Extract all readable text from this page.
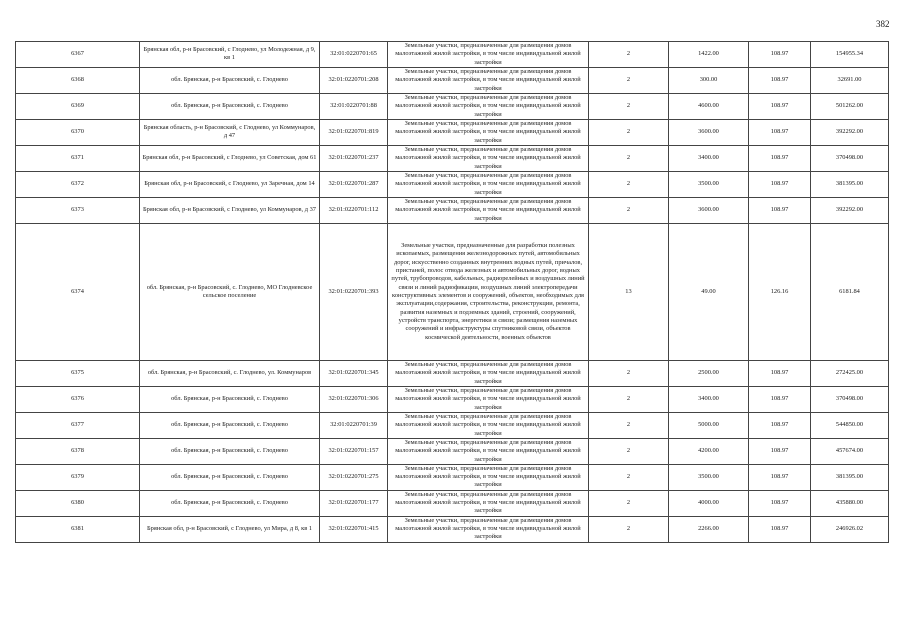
382
6367	Брянская обл, р-н Брасовский, с Глоднево, ул Молодежная, д 9, кв 1	32:01:0220701:65	Земельные участки, предназначенные для размещения домов малоэтажной жилой застройки, в том числе индивидуальной жилой застройки	2	1422.00	108.97	154955.34
6368	обл. Брянская, р-н Брасовский, с. Глоднево	32:01:0220701:208	Земельные участки, предназначенные для размещения домов малоэтажной жилой застройки, в том числе индивидуальной жилой застройки	2	300.00	108.97	32691.00
6369	обл. Брянская, р-н Брасовский, с. Глоднево	32:01:0220701:88	Земельные участки, предназначенные для размещения домов малоэтажной жилой застройки, в том числе индивидуальной жилой застройки	2	4600.00	108.97	501262.00
6370	Брянская область, р-н Брасовский, с Глоднево, ул Коммунаров, д 47	32:01:0220701:819	Земельные участки, предназначенные для размещения домов малоэтажной жилой застройки, в том числе индивидуальной жилой застройки	2	3600.00	108.97	392292.00
6371	Брянская обл, р-н Брасовский, с Глоднево, ул Советская, дом 61	32:01:0220701:237	Земельные участки, предназначенные для размещения домов малоэтажной жилой застройки, в том числе индивидуальной жилой застройки	2	3400.00	108.97	370498.00
6372	Брянская обл, р-н Брасовский, с Глоднево, ул Заречная, дом 14	32:01:0220701:287	Земельные участки, предназначенные для размещения домов малоэтажной жилой застройки, в том числе индивидуальной жилой застройки	2	3500.00	108.97	381395.00
6373	Брянская обл, р-н Брасовский, с Глоднево, ул Коммунаров, д 37	32:01:0220701:112	Земельные участки, предназначенные для размещения домов малоэтажной жилой застройки, в том числе индивидуальной жилой застройки	2	3600.00	108.97	392292.00
6374	обл. Брянская, р-н Брасовский, с. Глоднево, МО Глодневское сельское поселение	32:01:0220701:393	Земельные участки, предназначенные для разработки полезных ископаемых, размещения железнодорожных путей, автомобильных дорог, искусственно созданных внутренних водных путей, причалов, пристаней, полос отвода железных и автомобильных дорог, водных путей, трубопроводов, кабельных, радиорелейных и воздушных линий связи и линий радиофикации, воздушных линий электропередачи конструктивных элементов и сооружений, объектов, необходимых для эксплуатации,содержания, строительства, реконструкции, ремонта, развития наземных и подземных зданий, строений, сооружений, устройств транспорта, энергетики и связи; размещения наземных сооружений и инфраструктуры спутниковой связи, объектов космической деятельности, военных объектов	13	49.00	126.16	6181.84
6375	обл. Брянская, р-н Брасовский, с. Глоднево, ул. Коммунаров	32:01:0220701:345	Земельные участки, предназначенные для размещения домов малоэтажной жилой застройки, в том числе индивидуальной жилой застройки	2	2500.00	108.97	272425.00
6376	обл. Брянская, р-н Брасовский, с. Глоднево	32:01:0220701:306	Земельные участки, предназначенные для размещения домов малоэтажной жилой застройки, в том числе индивидуальной жилой застройки	2	3400.00	108.97	370498.00
6377	обл. Брянская, р-н Брасовский, с. Глоднево	32:01:0220701:39	Земельные участки, предназначенные для размещения домов малоэтажной жилой застройки, в том числе индивидуальной жилой застройки	2	5000.00	108.97	544850.00
6378	обл. Брянская, р-н Брасовский, с. Глоднево	32:01:0220701:157	Земельные участки, предназначенные для размещения домов малоэтажной жилой застройки, в том числе индивидуальной жилой застройки	2	4200.00	108.97	457674.00
6379	обл. Брянская, р-н Брасовский, с. Глоднево	32:01:0220701:275	Земельные участки, предназначенные для размещения домов малоэтажной жилой застройки, в том числе индивидуальной жилой застройки	2	3500.00	108.97	381395.00
6380	обл. Брянская, р-н Брасовский, с. Глоднево	32:01:0220701:177	Земельные участки, предназначенные для размещения домов малоэтажной жилой застройки, в том числе индивидуальной жилой застройки	2	4000.00	108.97	435880.00
6381	Брянская обл, р-н Брасовский, с Глоднево, ул Мира, д 8, кв 1	32:01:0220701:415	Земельные участки, предназначенные для размещения домов малоэтажной жилой застройки, в том числе индивидуальной жилой застройки	2	2266.00	108.97	246926.02
